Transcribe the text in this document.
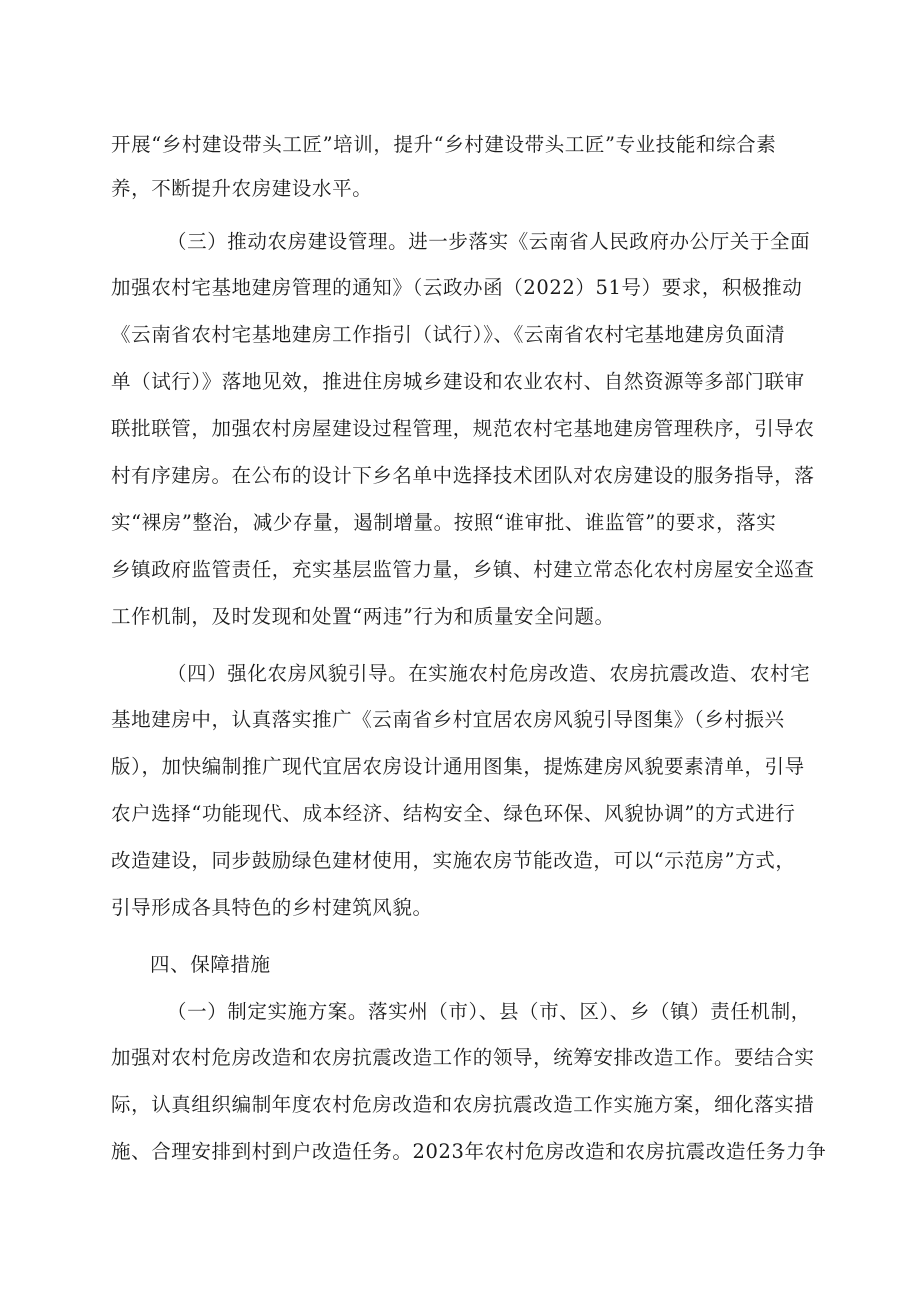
开展“乡村建设带头工匠”培训，提升“乡村建设带头工匠”专业技能和综合素
养，不断提升农房建设水平。
（三）推动农房建设管理。进一步落实《云南省人民政府办公厅关于全面
加强农村宅基地建房管理的通知》（云政办函（2022）51号）要求，积极推动
《云南省农村宅基地建房工作指引（试行）》、《云南省农村宅基地建房负面清
单（试行）》落地见效，推进住房城乡建设和农业农村、自然资源等多部门联审
联批联管，加强农村房屋建设过程管理，规范农村宅基地建房管理秩序，引导农
村有序建房。在公布的设计下乡名单中选择技术团队对农房建设的服务指导，落
实“裸房”整治，减少存量，遏制增量。按照“谁审批、谁监管”的要求，落实
乡镇政府监管责任，充实基层监管力量，乡镇、村建立常态化农村房屋安全巡查
工作机制，及时发现和处置“两违”行为和质量安全问题。
（四）强化农房风貌引导。在实施农村危房改造、农房抗震改造、农村宅
基地建房中，认真落实推广《云南省乡村宜居农房风貌引导图集》（乡村振兴
版），加快编制推广现代宜居农房设计通用图集，提炼建房风貌要素清单，引导
农户选择“功能现代、成本经济、结构安全、绿色环保、风貌协调”的方式进行
改造建设，同步鼓励绿色建材使用，实施农房节能改造，可以“示范房”方式，
引导形成各具特色的乡村建筑风貌。
四、保障措施
（一）制定实施方案。落实州（市）、县（市、区）、乡（镇）责任机制，
加强对农村危房改造和农房抗震改造工作的领导，统筹安排改造工作。要结合实
际，认真组织编制年度农村危房改造和农房抗震改造工作实施方案，细化落实措
施、合理安排到村到户改造任务。2023年农村危房改造和农房抗震改造任务力争
